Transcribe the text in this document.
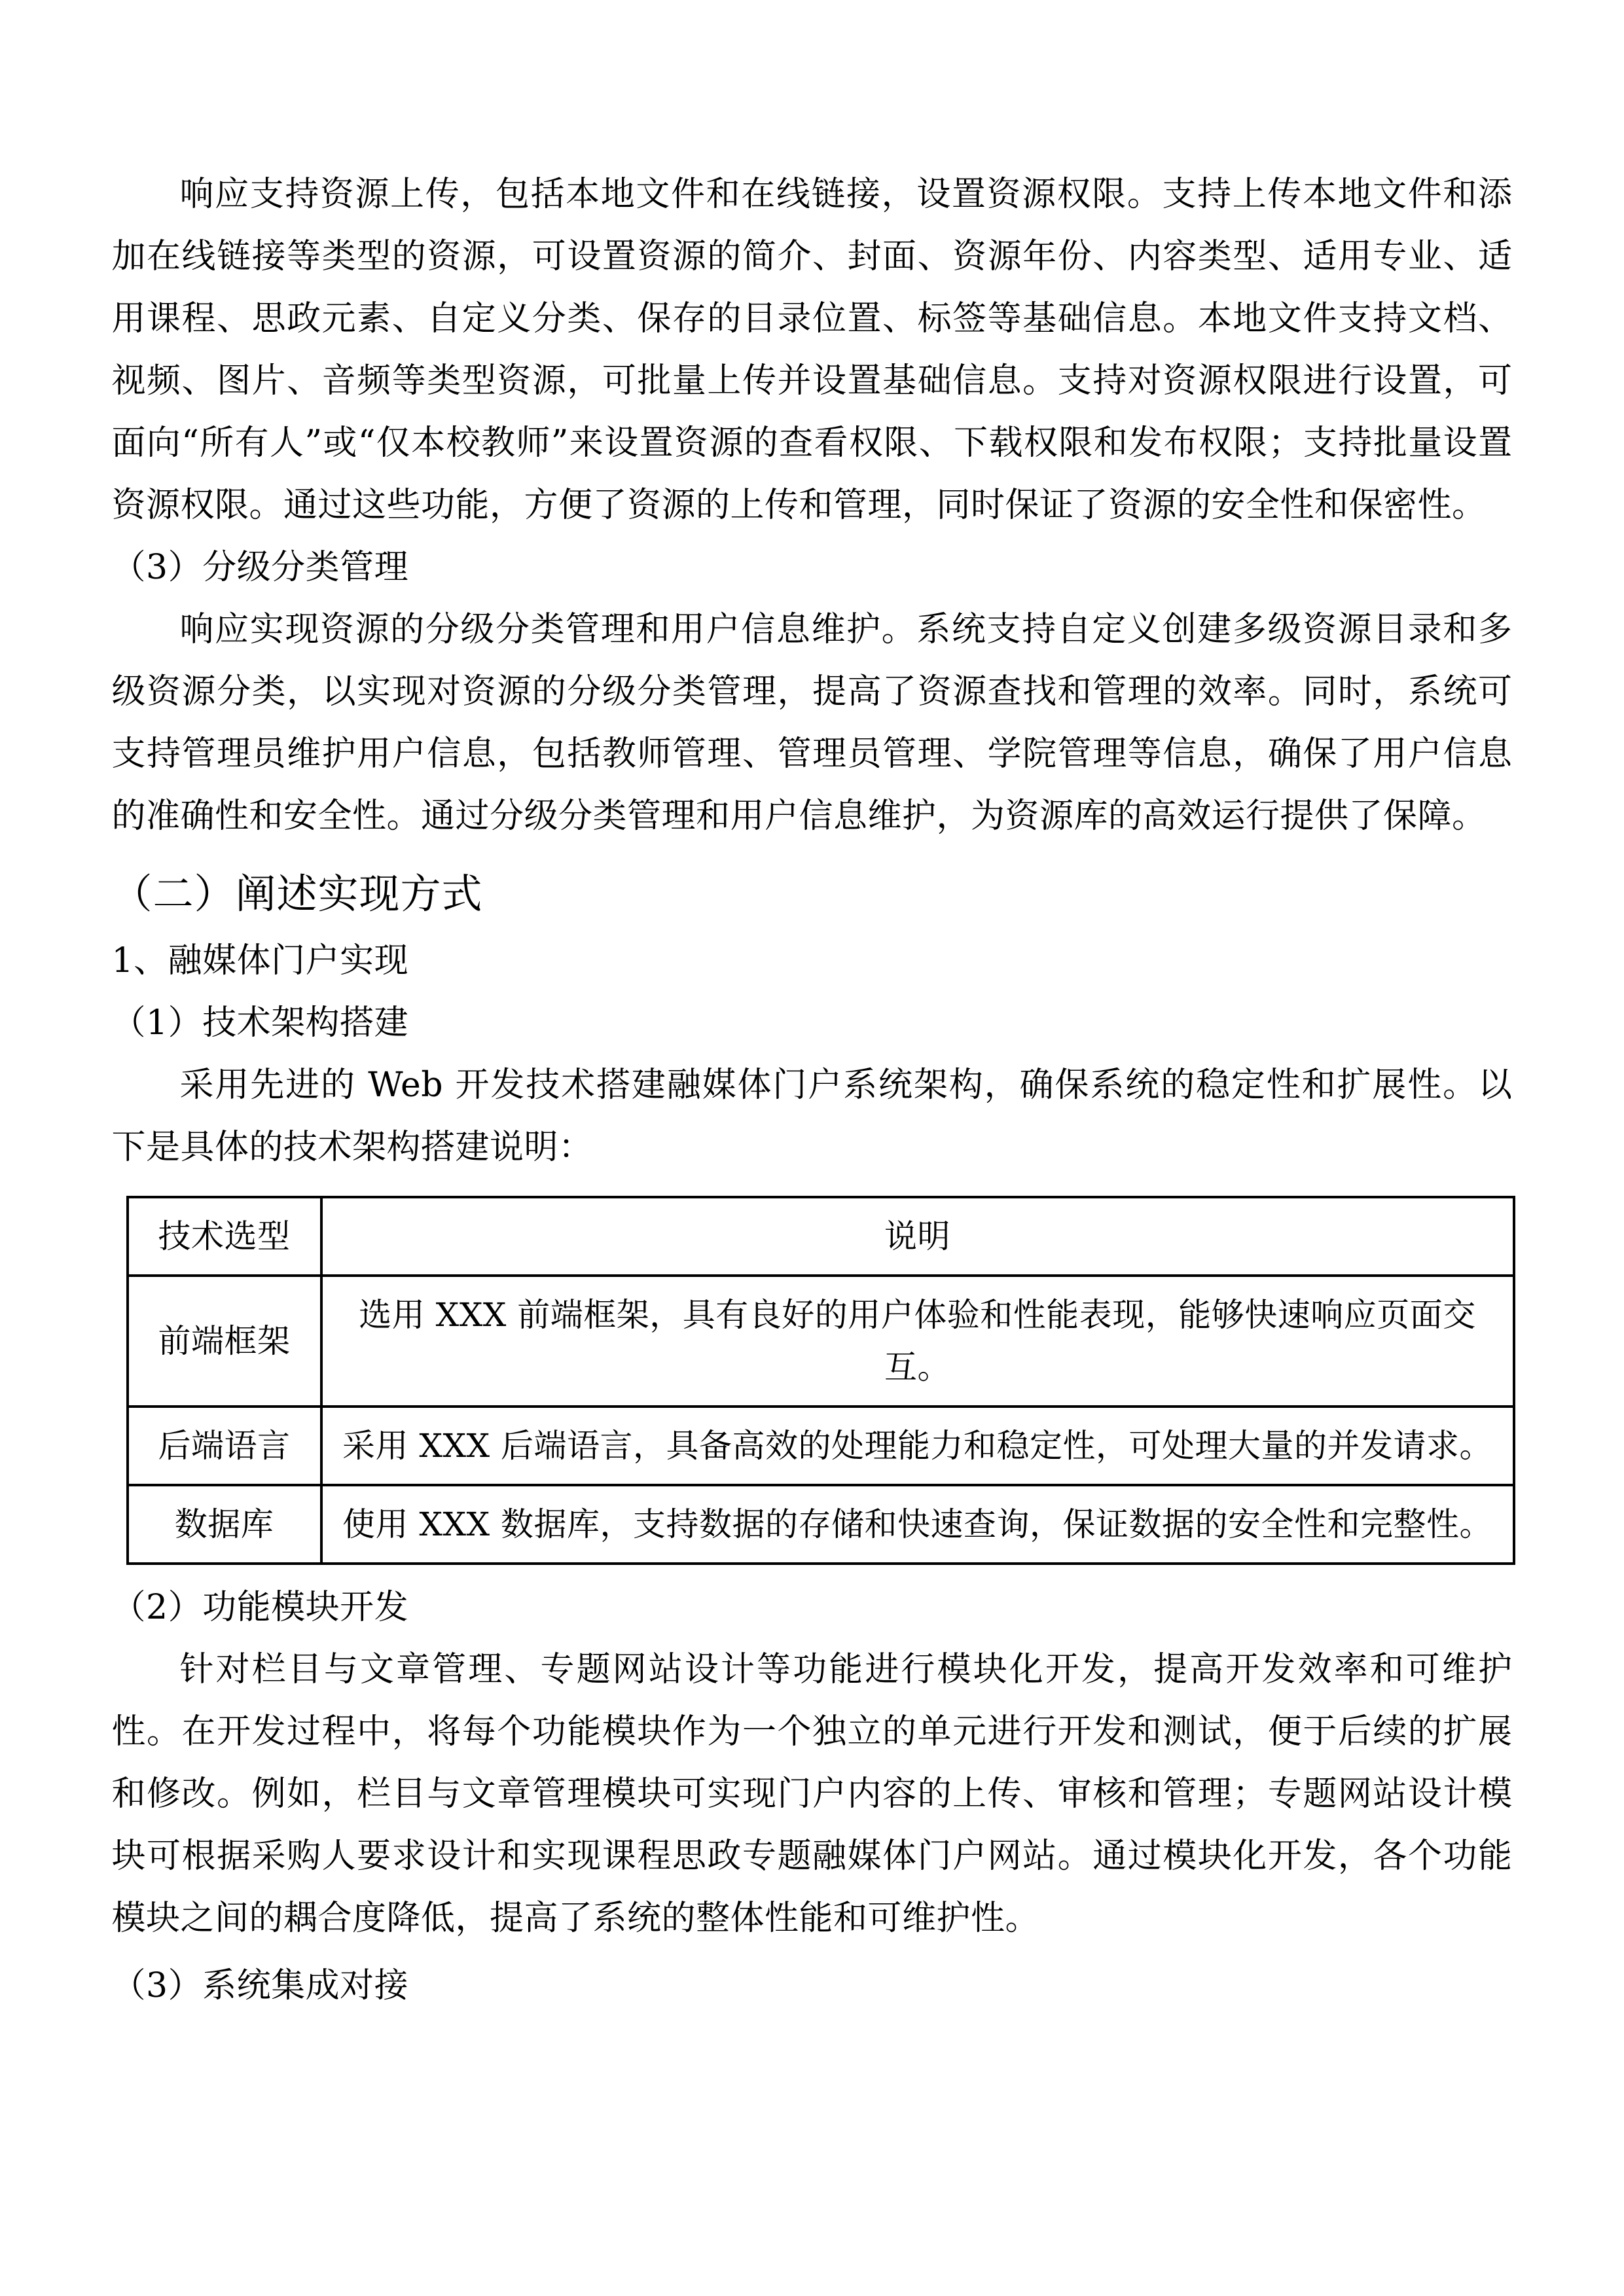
响应支持资源上传，包括本地文件和在线链接，设置资源权限。支持上传本地文件和添加在线链接等类型的资源，可设置资源的简介、封面、资源年份、内容类型、适用专业、适用课程、思政元素、自定义分类、保存的目录位置、标签等基础信息。本地文件支持文档、视频、图片、音频等类型资源，可批量上传并设置基础信息。支持对资源权限进行设置，可面向“所有人”或“仅本校教师”来设置资源的查看权限、下载权限和发布权限；支持批量设置资源权限。通过这些功能，方便了资源的上传和管理，同时保证了资源的安全性和保密性。

（3）分级分类管理

响应实现资源的分级分类管理和用户信息维护。系统支持自定义创建多级资源目录和多级资源分类，以实现对资源的分级分类管理，提高了资源查找和管理的效率。同时，系统可支持管理员维护用户信息，包括教师管理、管理员管理、学院管理等信息，确保了用户信息的准确性和安全性。通过分级分类管理和用户信息维护，为资源库的高效运行提供了保障。

（二）阐述实现方式

1、融媒体门户实现

（1）技术架构搭建

采用先进的 Web 开发技术搭建融媒体门户系统架构，确保系统的稳定性和扩展性。以下是具体的技术架构搭建说明：

技术选型	说明
前端框架	选用 XXX 前端框架，具有良好的用户体验和性能表现，能够快速响应页面交互。
后端语言	采用 XXX 后端语言，具备高效的处理能力和稳定性，可处理大量的并发请求。
数据库	使用 XXX 数据库，支持数据的存储和快速查询，保证数据的安全性和完整性。

（2）功能模块开发

针对栏目与文章管理、专题网站设计等功能进行模块化开发，提高开发效率和可维护性。在开发过程中，将每个功能模块作为一个独立的单元进行开发和测试，便于后续的扩展和修改。例如，栏目与文章管理模块可实现门户内容的上传、审核和管理；专题网站设计模块可根据采购人要求设计和实现课程思政专题融媒体门户网站。通过模块化开发，各个功能模块之间的耦合度降低，提高了系统的整体性能和可维护性。

（3）系统集成对接
